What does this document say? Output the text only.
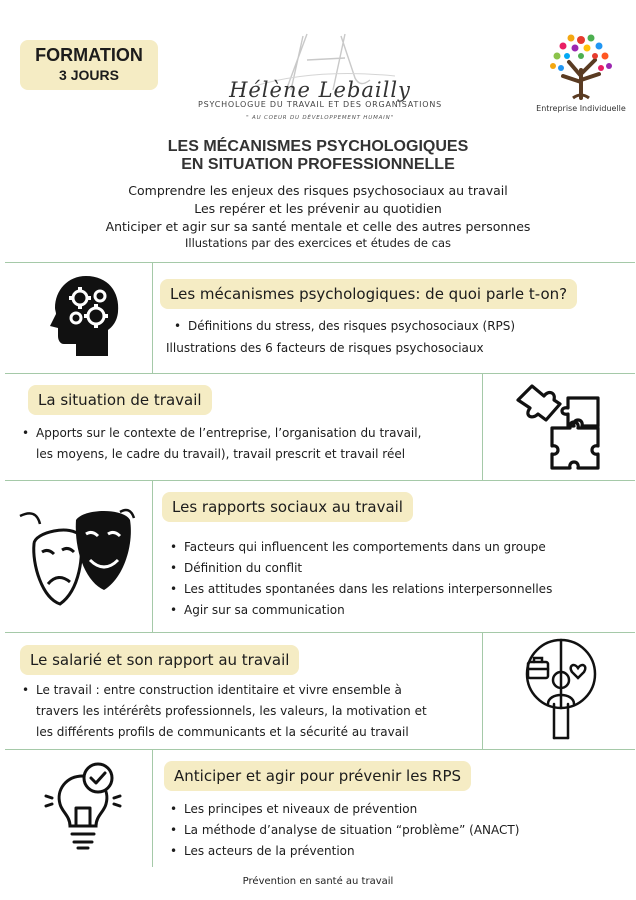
FORMATION
3 JOURS
Hélène Lebailly
PSYCHOLOGUE DU TRAVAIL ET DES ORGANISATIONS
" AU COEUR DU DÉVELOPPEMENT HUMAIN"
Entreprise Individuelle
LES MÉCANISMES PSYCHOLOGIQUES
EN SITUATION PROFESSIONNELLE
Comprendre les enjeux des risques psychosociaux au travail
Les repérer et les prévenir au quotidien
Anticiper et agir sur sa santé mentale et celle des autres personnes
Illustations par des exercices et études de cas
Les mécanismes psychologiques: de quoi parle t-on?
• Définitions du stress, des risques psychosociaux (RPS)
Illustrations des 6 facteurs de risques psychosociaux
La situation de travail
• Apports sur le contexte de l’entreprise, l’organisation du travail,
les moyens, le cadre du travail), travail prescrit et travail réel
Les rapports sociaux au travail
• Facteurs qui influencent les comportements dans un groupe
• Définition du conflit
• Les attitudes spontanées dans les relations interpersonnelles
• Agir sur sa communication
Le salarié et son rapport au travail
• Le travail : entre construction identitaire et vivre ensemble à
travers les intérérêts professionnels, les valeurs, la motivation et
les différents profils de communicants et la sécurité au travail
Anticiper et agir pour prévenir les RPS
• Les principes et niveaux de prévention
• La méthode d’analyse de situation “problème” (ANACT)
• Les acteurs de la prévention
Prévention en santé au travail
